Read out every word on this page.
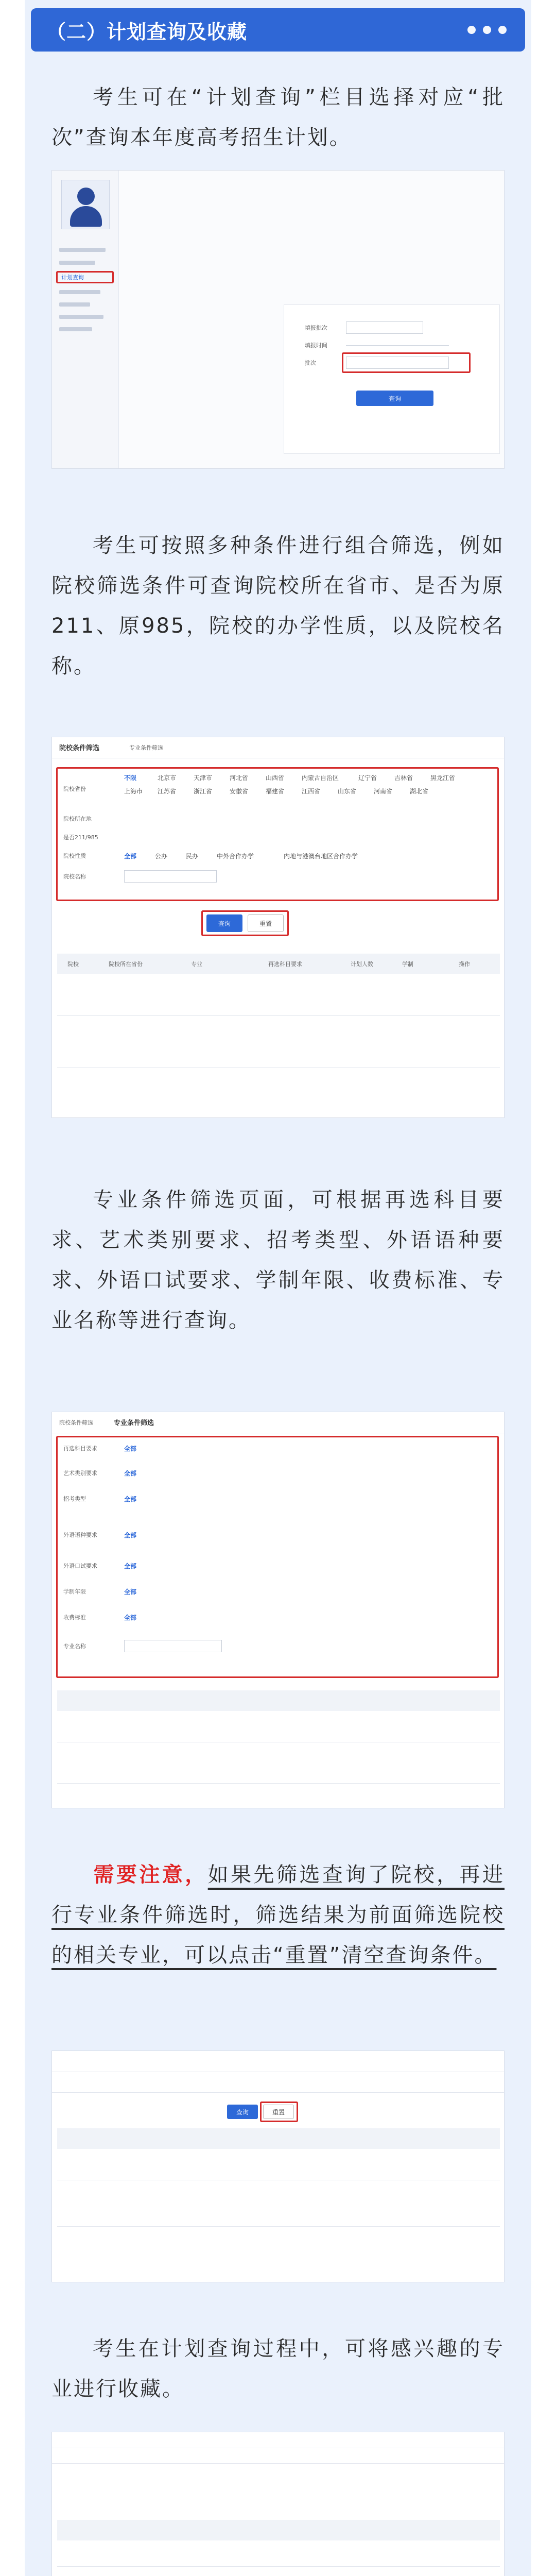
（二）计划查询及收藏
考生可在“计划查询”栏目选择对应“批次”查询本年度高考招生计划。
计划查询
填报批次
填报时间
批次
查询
考生可按照多种条件进行组合筛选，例如院校筛选条件可查询院校所在省市、是否为原211、原985，院校的办学性质，以及院校名称。
院校条件筛选	专业条件筛选
院校省份
不限	北京市	天津市	河北省	山西省	内蒙古自治区	辽宁省	吉林省	黑龙江省
上海市 江苏省	浙江省	安徽省	福建省	江西省	山东省	河南省	湖北省
院校所在地
是否211/985
院校性质	全部	公办	民办	中外合作办学	内地与港澳台地区合作办学
院校名称
查询	重置
院校	院校所在省份	专业	再选科目要求	计划人数	学制	操作
专业条件筛选页面，可根据再选科目要求、艺术类别要求、招考类型、外语语种要求、外语口试要求、学制年限、收费标准、专业名称等进行查询。
院校条件筛选	专业条件筛选
再选科目要求	全部
艺术类别要求	全部
招考类型	全部
外语语种要求	全部
外语口试要求	全部
学制年限	全部
收费标准	全部
专业名称
需要注意，如果先筛选查询了院校，再进行专业条件筛选时，筛选结果为前面筛选院校的相关专业，可以点击“重置”清空查询条件。
查询	重置
考生在计划查询过程中，可将感兴趣的专业进行收藏。
